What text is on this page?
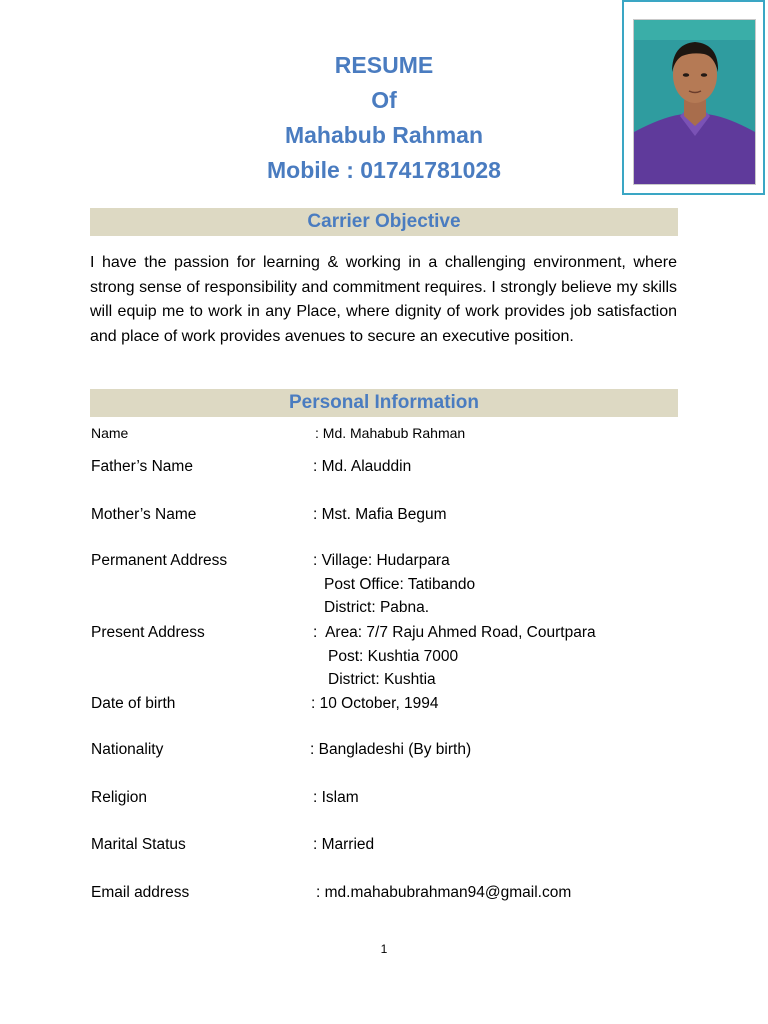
RESUME
Of
Mahabub Rahman
Mobile : 01741781028
Carrier Objective
I have the passion for learning & working in a challenging environment, where strong sense of responsibility and commitment requires. I strongly believe my skills will equip me to work in any Place, where dignity of work provides job satisfaction and place of work provides avenues to secure an executive position.
Personal Information
Name	: Md. Mahabub Rahman
Father’s Name	: Md. Alauddin
Mother’s Name	: Mst. Mafia Begum
Permanent Address	: Village: Hudarpara
Post Office: Tatibando
District: Pabna.
Present Address	:  Area: 7/7 Raju Ahmed Road, Courtpara
Post: Kushtia 7000
District: Kushtia
Date of birth	: 10 October, 1994
Nationality	: Bangladeshi (By birth)
Religion	: Islam
Marital Status	: Married
Email address	: md.mahabubrahman94@gmail.com
1
